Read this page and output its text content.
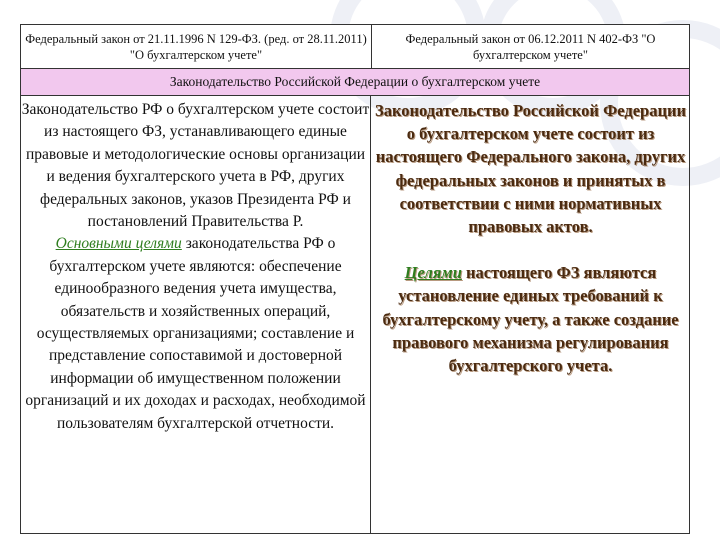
Федеральный закон от 21.11.1996 N 129-ФЗ. (ред. от 28.11.2011) "О бухгалтерском учете"
Федеральный закон от 06.12.2011 N 402-ФЗ "О бухгалтерском учете"
Законодательство Российской Федерации о бухгалтерском учете
Законодательство РФ о бухгалтерском учете состоит из настоящего ФЗ, устанавливающего единые правовые и методологические основы организации и ведения бухгалтерского учета в РФ, других федеральных законов, указов Президента РФ и постановлений Правительства Р.
Основными целями законодательства РФ о бухгалтерском учете являются: обеспечение единообразного ведения учета имущества, обязательств и хозяйственных операций, осуществляемых организациями; составление и представление сопоставимой и достоверной информации об имущественном положении организаций и их доходах и расходах, необходимой пользователям бухгалтерской отчетности.
Законодательство Российской Федерации о бухгалтерском учете состоит из настоящего Федерального закона, других федеральных законов и принятых в соответствии с ними нормативных правовых актов.
Целями настоящего ФЗ являются установление единых требований к бухгалтерскому учету, а также создание правового механизма регулирования бухгалтерского учета.
